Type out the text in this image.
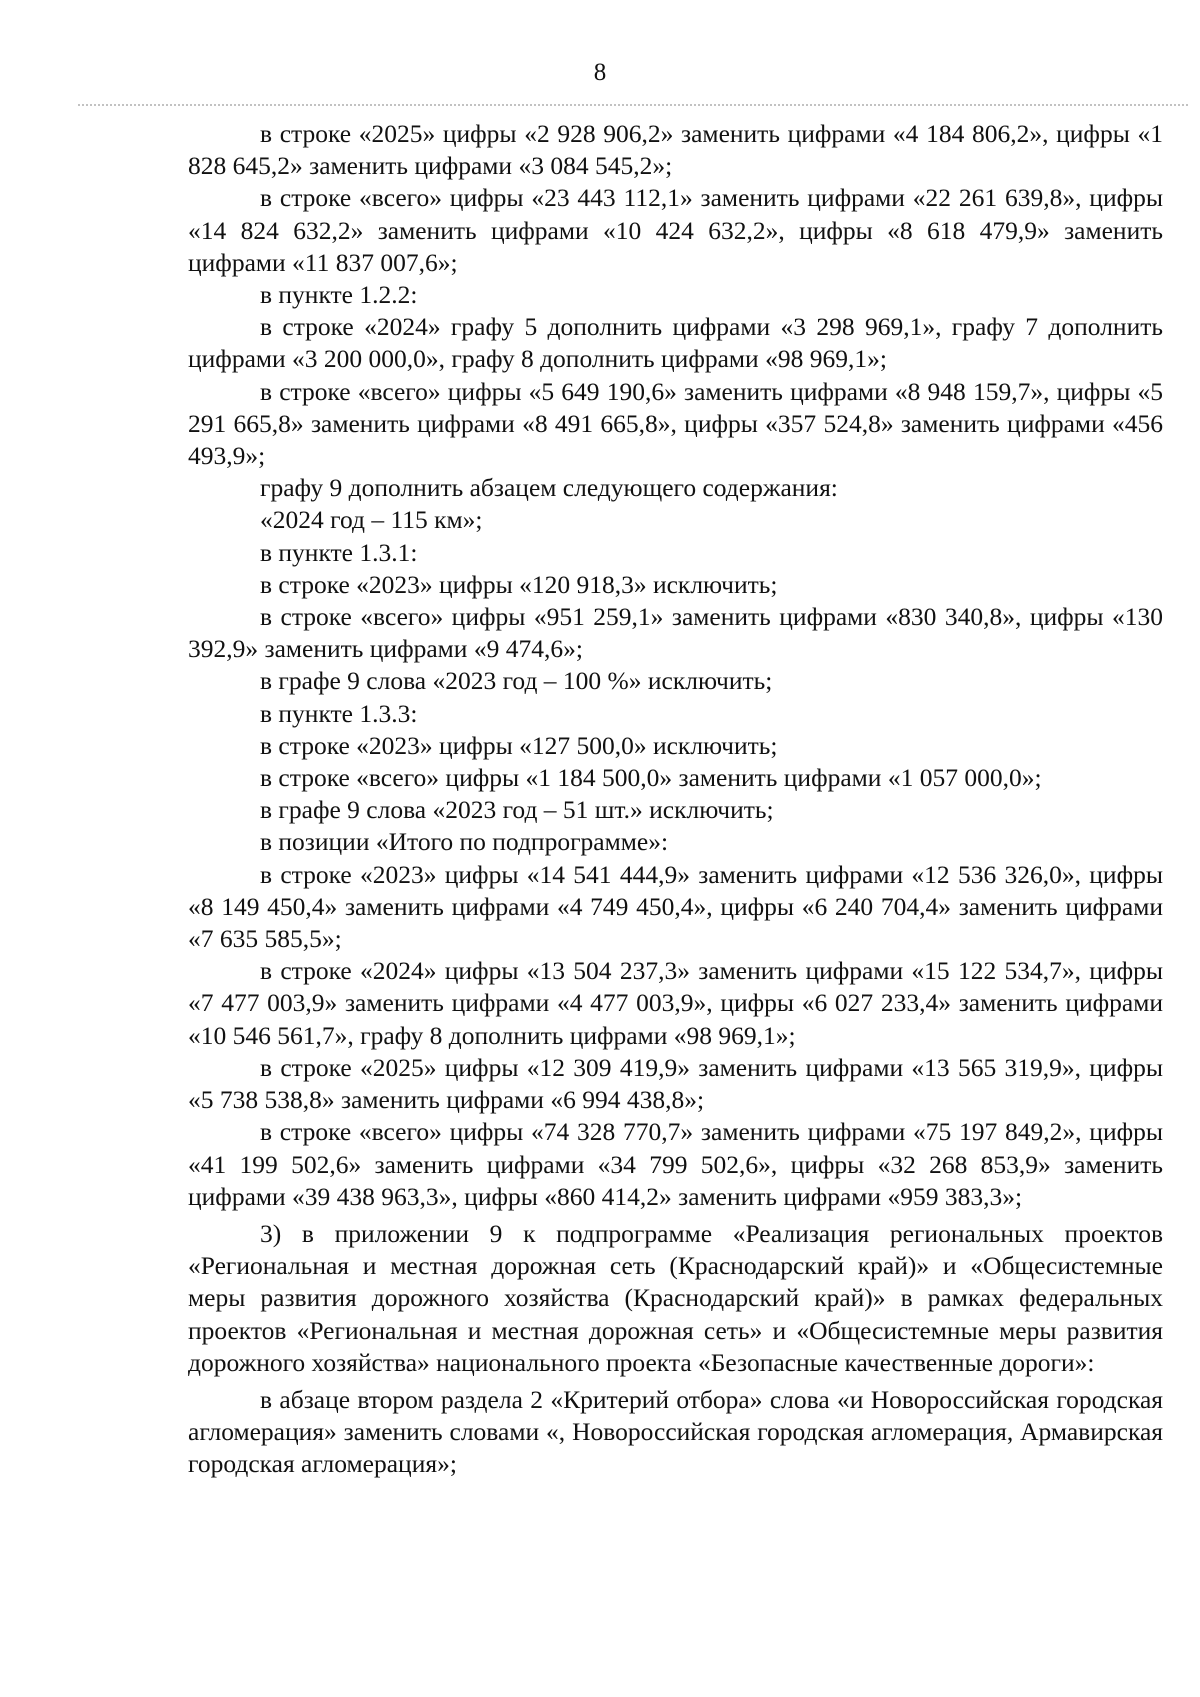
8

в строке «2025» цифры «2 928 906,2» заменить цифрами «4 184 806,2», цифры «1 828 645,2» заменить цифрами «3 084 545,2»;

в строке «всего» цифры «23 443 112,1» заменить цифрами «22 261 639,8», цифры «14 824 632,2» заменить цифрами «10 424 632,2», цифры «8 618 479,9» заменить цифрами «11 837 007,6»;

в пункте 1.2.2:

в строке «2024» графу 5 дополнить цифрами «3 298 969,1», графу 7 дополнить цифрами «3 200 000,0», графу 8 дополнить цифрами «98 969,1»;

в строке «всего» цифры «5 649 190,6» заменить цифрами «8 948 159,7», цифры «5 291 665,8» заменить цифрами «8 491 665,8», цифры «357 524,8» заменить цифрами «456 493,9»;

графу 9 дополнить абзацем следующего содержания:

«2024 год – 115 км»;

в пункте 1.3.1:

в строке «2023» цифры «120 918,3» исключить;

в строке «всего» цифры «951 259,1» заменить цифрами «830 340,8», цифры «130 392,9» заменить цифрами «9 474,6»;

в графе 9 слова «2023 год – 100 %» исключить;

в пункте 1.3.3:

в строке «2023» цифры «127 500,0» исключить;

в строке «всего» цифры «1 184 500,0» заменить цифрами «1 057 000,0»;

в графе 9 слова «2023 год – 51 шт.» исключить;

в позиции «Итого по подпрограмме»:

в строке «2023» цифры «14 541 444,9» заменить цифрами «12 536 326,0», цифры «8 149 450,4» заменить цифрами «4 749 450,4», цифры «6 240 704,4» заменить цифрами «7 635 585,5»;

в строке «2024» цифры «13 504 237,3» заменить цифрами «15 122 534,7», цифры «7 477 003,9» заменить цифрами «4 477 003,9», цифры «6 027 233,4» заменить цифрами «10 546 561,7», графу 8 дополнить цифрами «98 969,1»;

в строке «2025» цифры «12 309 419,9» заменить цифрами «13 565 319,9», цифры «5 738 538,8» заменить цифрами «6 994 438,8»;

в строке «всего» цифры «74 328 770,7» заменить цифрами «75 197 849,2», цифры «41 199 502,6» заменить цифрами «34 799 502,6», цифры «32 268 853,9» заменить цифрами «39 438 963,3», цифры «860 414,2» заменить цифрами «959 383,3»;

3) в приложении 9 к подпрограмме «Реализация региональных проектов «Региональная и местная дорожная сеть (Краснодарский край)» и «Общесистемные меры развития дорожного хозяйства (Краснодарский край)» в рамках федеральных проектов «Региональная и местная дорожная сеть» и «Общесистемные меры развития дорожного хозяйства» национального проекта «Безопасные качественные дороги»:

в абзаце втором раздела 2 «Критерий отбора» слова «и Новороссийская городская агломерация» заменить словами «, Новороссийская городская агломерация, Армавирская городская агломерация»;
